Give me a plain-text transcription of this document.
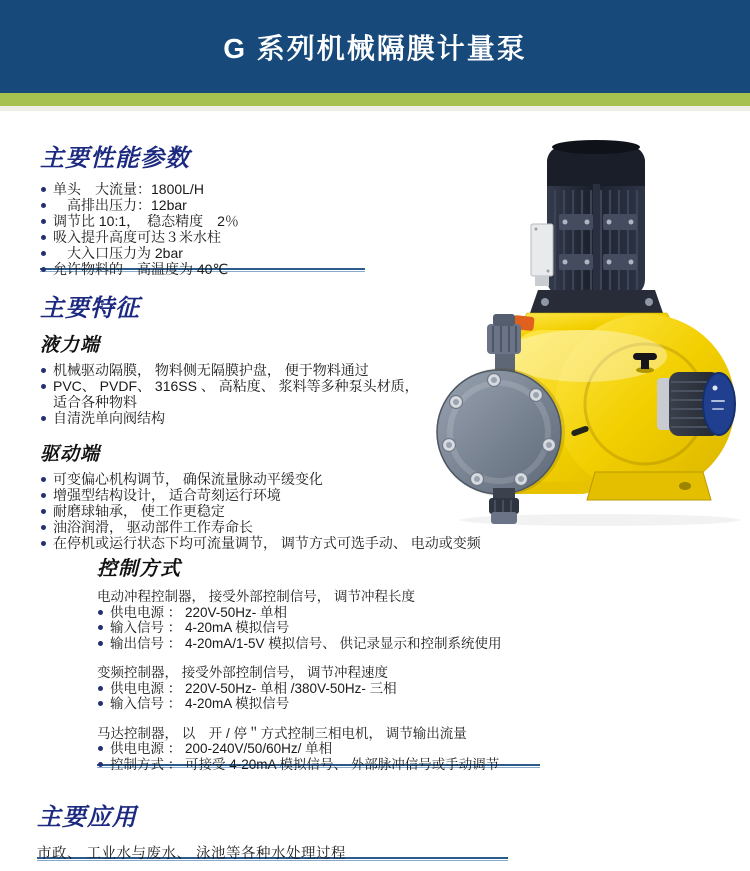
G 系列机械隔膜计量泵
主要性能参数
单头　大流量：1800L/H
　高排出压力：12bar
调节比 10:1，　稳态精度　2％
吸入提升高度可达３米水柱
　大入口压力为 2bar
允许物料的　高温度为 40℃
主要特征
液力端
机械驱动隔膜， 物料侧无隔膜护盘， 便于物料通过
PVC、 PVDF、 316SS 、 高粘度、 浆料等多种泵头材质， 适合各种物料
自清洗单向阀结构
驱动端
可变偏心机构调节， 确保流量脉动平缓变化
增强型结构设计， 适合苛刻运行环境
耐磨球轴承， 使工作更稳定
油浴润滑， 驱动部件工作寿命长
在停机或运行状态下均可流量调节， 调节方式可选手动、 电动或变频
控制方式

电动冲程控制器， 接受外部控制信号， 调节冲程长度

供电电源 ： 220V-50Hz- 单相
输入信号 ： 4-20mA 模拟信号
输出信号 ： 4-20mA/1-5V 模拟信号、 供记录显示和控制系统使用

变频控制器， 接受外部控制信号， 调节冲程速度

供电电源 ： 220V-50Hz- 单相 /380V-50Hz- 三相
输入信号 ： 4-20mA 模拟信号

马达控制器， 以　开 / 停＂方式控制三相电机， 调节输出流量

供电电源 ： 200-240V/50/60Hz/ 单相
控制方式 ： 可接受 4-20mA 模拟信号、 外部脉冲信号或手动调节
主要应用

市政、 工业水与废水、 泳池等各种水处理过程
